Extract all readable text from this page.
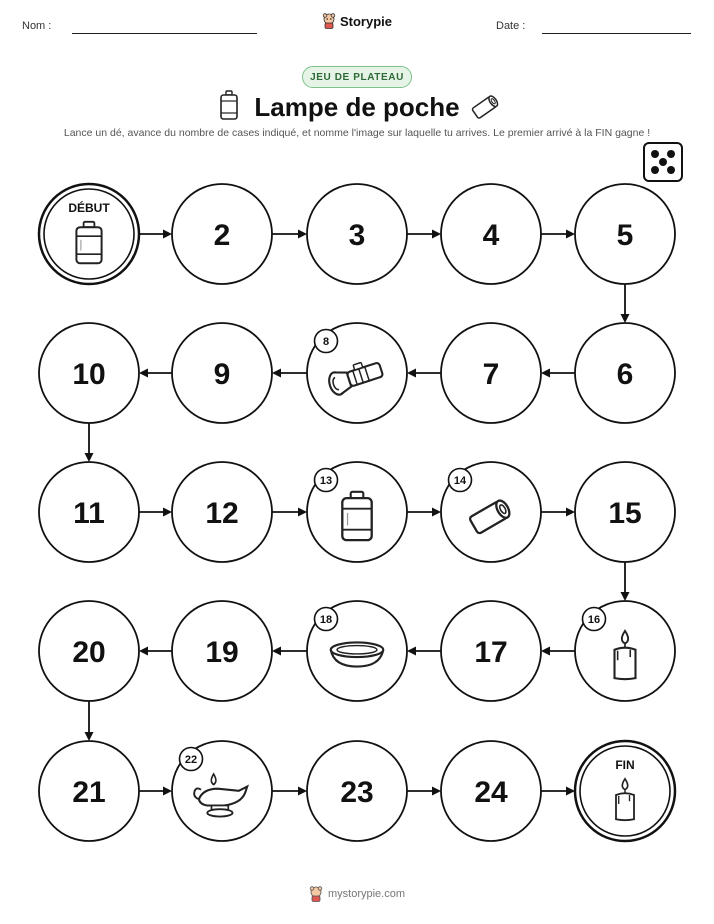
Nom :	Storypie	Date :
JEU DE PLATEAU
Lampe de poche
Lance un dé, avance du nombre de cases indiqué, et nomme l'image sur laquelle tu arrives. Le premier arrivé à la FIN gagne !
DÉBUT
2	3	4	5
6
7
8
9
10
11	12
13	14
15
16
17
18
19
20
21
22
23	24
FIN
mystorypie.com
